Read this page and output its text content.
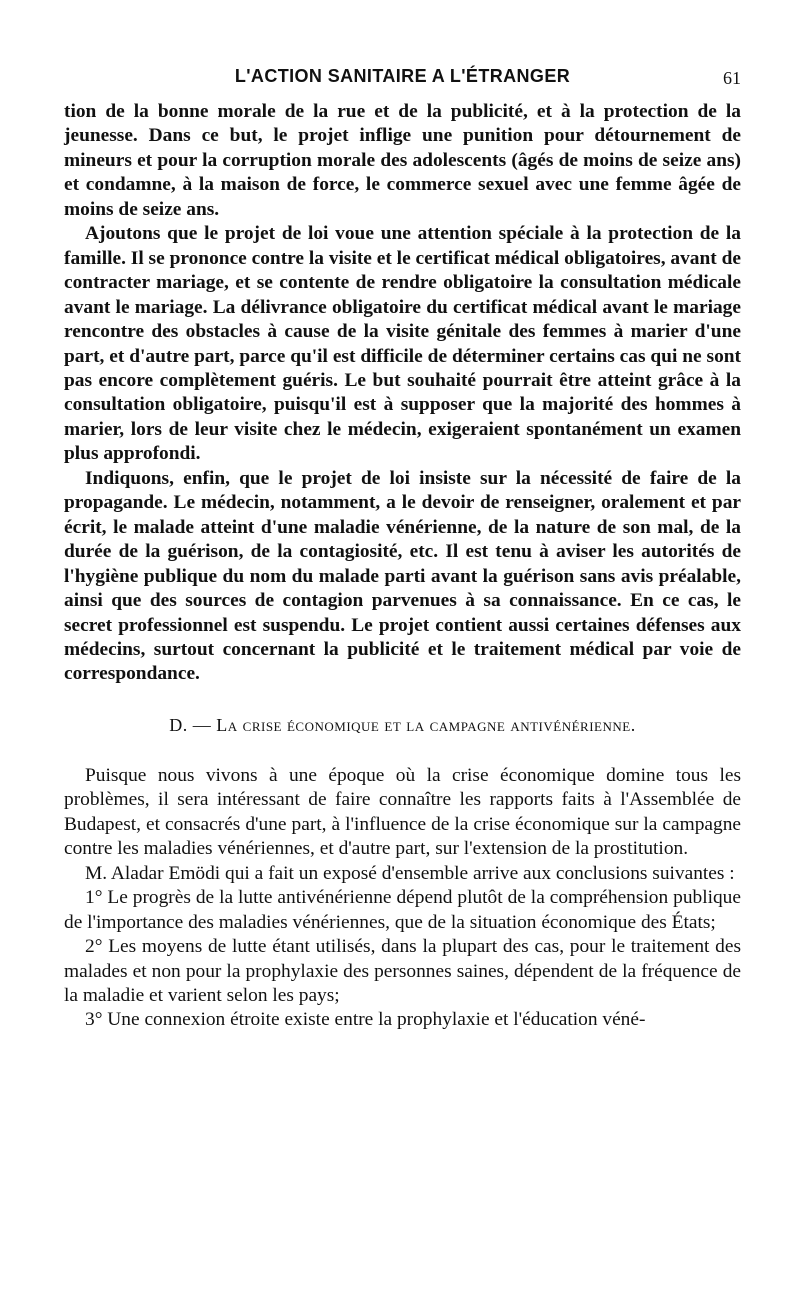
L'ACTION SANITAIRE A L'ÉTRANGER	61

tion de la bonne morale de la rue et de la publicité, et à la protection de la jeunesse. Dans ce but, le projet inflige une punition pour détournement de mineurs et pour la corruption morale des adolescents (âgés de moins de seize ans) et condamne, à la maison de force, le commerce sexuel avec une femme âgée de moins de seize ans.

Ajoutons que le projet de loi voue une attention spéciale à la protection de la famille. Il se prononce contre la visite et le certificat médical obligatoires, avant de contracter mariage, et se contente de rendre obligatoire la consultation médicale avant le mariage. La délivrance obligatoire du certificat médical avant le mariage rencontre des obstacles à cause de la visite génitale des femmes à marier d'une part, et d'autre part, parce qu'il est difficile de déterminer certains cas qui ne sont pas encore complètement guéris. Le but souhaité pourrait être atteint grâce à la consultation obligatoire, puisqu'il est à supposer que la majorité des hommes à marier, lors de leur visite chez le médecin, exigeraient spontanément un examen plus approfondi.

Indiquons, enfin, que le projet de loi insiste sur la nécessité de faire de la propagande. Le médecin, notamment, a le devoir de renseigner, oralement et par écrit, le malade atteint d'une maladie vénérienne, de la nature de son mal, de la durée de la guérison, de la contagiosité, etc. Il est tenu à aviser les autorités de l'hygiène publique du nom du malade parti avant la guérison sans avis préalable, ainsi que des sources de contagion parvenues à sa connaissance. En ce cas, le secret professionnel est suspendu. Le projet contient aussi certaines défenses aux médecins, surtout concernant la publicité et le traitement médical par voie de correspondance.

D. — La crise économique et la campagne antivénérienne.

Puisque nous vivons à une époque où la crise économique domine tous les problèmes, il sera intéressant de faire connaître les rapports faits à l'Assemblée de Budapest, et consacrés d'une part, à l'influence de la crise économique sur la campagne contre les maladies vénériennes, et d'autre part, sur l'extension de la prostitution.

M. Aladar Emödi qui a fait un exposé d'ensemble arrive aux conclusions suivantes :

1° Le progrès de la lutte antivénérienne dépend plutôt de la compréhension publique de l'importance des maladies vénériennes, que de la situation économique des États;

2° Les moyens de lutte étant utilisés, dans la plupart des cas, pour le traitement des malades et non pour la prophylaxie des personnes saines, dépendent de la fréquence de la maladie et varient selon les pays;

3° Une connexion étroite existe entre la prophylaxie et l'éducation véné-
